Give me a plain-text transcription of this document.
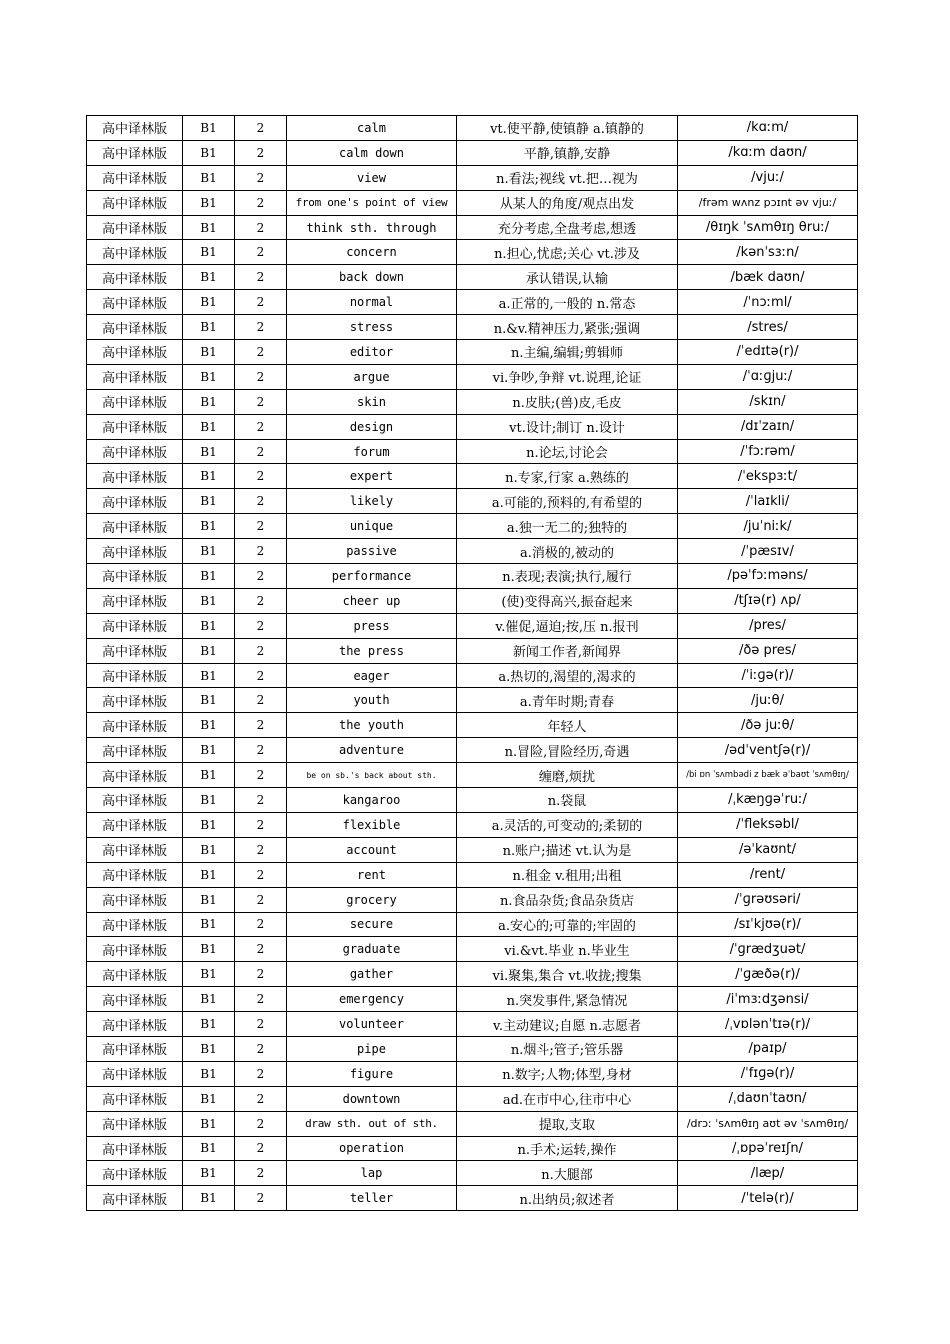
高中译林版	B1	2	calm	vt.使平静,使镇静 a.镇静的	/kɑːm/
高中译林版	B1	2	calm down	平静,镇静,安静	/kɑːm daʊn/
高中译林版	B1	2	view	n.看法;视线 vt.把…视为	/vjuː/
高中译林版	B1	2	from one's point of view	从某人的角度/观点出发	/frəm wʌnz pɔɪnt əv vjuː/
高中译林版	B1	2	think sth. through	充分考虑,全盘考虑,想透	/θɪŋk ˈsʌmθɪŋ θruː/
高中译林版	B1	2	concern	n.担心,忧虑;关心 vt.涉及	/kənˈsɜːn/
高中译林版	B1	2	back down	承认错误,认输	/bæk daʊn/
高中译林版	B1	2	normal	a.正常的,一般的 n.常态	/ˈnɔːml/
高中译林版	B1	2	stress	n.&v.精神压力,紧张;强调	/stres/
高中译林版	B1	2	editor	n.主编,编辑;剪辑师	/ˈedɪtə(r)/
高中译林版	B1	2	argue	vi.争吵,争辩 vt.说理,论证	/ˈɑːɡjuː/
高中译林版	B1	2	skin	n.皮肤;(兽)皮,毛皮	/skɪn/
高中译林版	B1	2	design	vt.设计;制订 n.设计	/dɪˈzaɪn/
高中译林版	B1	2	forum	n.论坛,讨论会	/ˈfɔːrəm/
高中译林版	B1	2	expert	n.专家,行家 a.熟练的	/ˈekspɜːt/
高中译林版	B1	2	likely	a.可能的,预料的,有希望的	/ˈlaɪkli/
高中译林版	B1	2	unique	a.独一无二的;独特的	/juˈniːk/
高中译林版	B1	2	passive	a.消极的,被动的	/ˈpæsɪv/
高中译林版	B1	2	performance	n.表现;表演;执行,履行	/pəˈfɔːməns/
高中译林版	B1	2	cheer up	(使)变得高兴,振奋起来	/tʃɪə(r) ʌp/
高中译林版	B1	2	press	v.催促,逼迫;按,压 n.报刊	/pres/
高中译林版	B1	2	the press	新闻工作者,新闻界	/ðə pres/
高中译林版	B1	2	eager	a.热切的,渴望的,渴求的	/ˈiːɡə(r)/
高中译林版	B1	2	youth	a.青年时期;青春	/juːθ/
高中译林版	B1	2	the youth	年轻人	/ðə juːθ/
高中译林版	B1	2	adventure	n.冒险,冒险经历,奇遇	/ədˈventʃə(r)/
高中译林版	B1	2	be on sb.'s back about sth.	缠磨,烦扰	/bi ɒn ˈsʌmbədi z bæk əˈbaʊt ˈsʌmθɪŋ/
高中译林版	B1	2	kangaroo	n.袋鼠	/ˌkæŋɡəˈruː/
高中译林版	B1	2	flexible	a.灵活的,可变动的;柔韧的	/ˈfleksəbl/
高中译林版	B1	2	account	n.账户;描述 vt.认为是	/əˈkaʊnt/
高中译林版	B1	2	rent	n.租金 v.租用;出租	/rent/
高中译林版	B1	2	grocery	n.食品杂货;食品杂货店	/ˈɡrəʊsəri/
高中译林版	B1	2	secure	a.安心的;可靠的;牢固的	/sɪˈkjʊə(r)/
高中译林版	B1	2	graduate	vi.&vt.毕业 n.毕业生	/ˈɡrædʒuət/
高中译林版	B1	2	gather	vi.聚集,集合 vt.收拢;搜集	/ˈɡæðə(r)/
高中译林版	B1	2	emergency	n.突发事件,紧急情况	/iˈmɜːdʒənsi/
高中译林版	B1	2	volunteer	v.主动建议;自愿 n.志愿者	/ˌvɒlənˈtɪə(r)/
高中译林版	B1	2	pipe	n.烟斗;管子;管乐器	/paɪp/
高中译林版	B1	2	figure	n.数字;人物;体型,身材	/ˈfɪɡə(r)/
高中译林版	B1	2	downtown	ad.在市中心,往市中心	/ˌdaʊnˈtaʊn/
高中译林版	B1	2	draw sth. out of sth.	提取,支取	/drɔː ˈsʌmθɪŋ aʊt əv ˈsʌmθɪŋ/
高中译林版	B1	2	operation	n.手术;运转,操作	/ˌɒpəˈreɪʃn/
高中译林版	B1	2	lap	n.大腿部	/læp/
高中译林版	B1	2	teller	n.出纳员;叙述者	/ˈtelə(r)/
